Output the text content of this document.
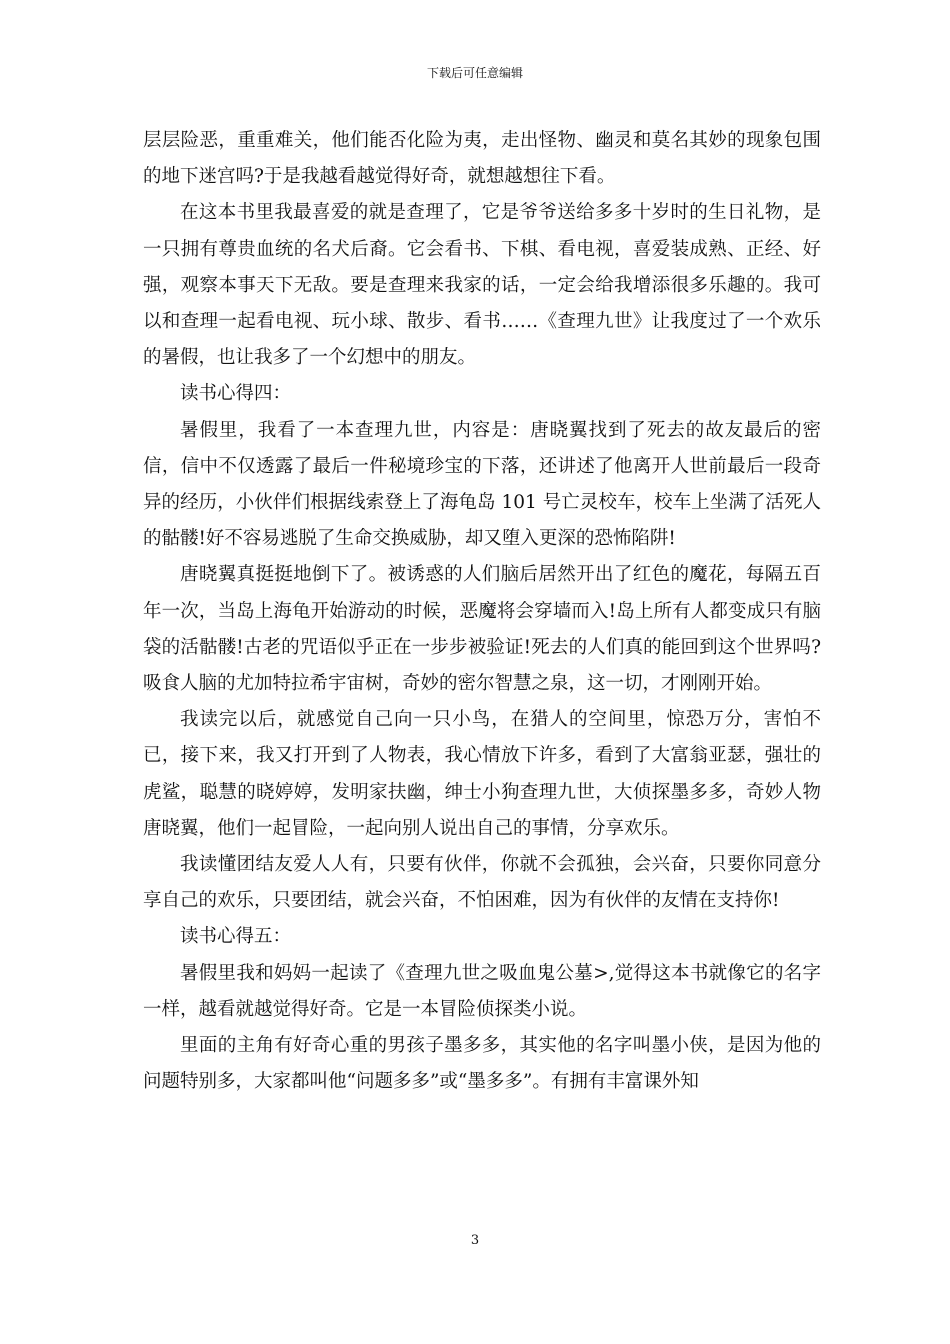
下载后可任意编辑

层层险恶，重重难关，他们能否化险为夷，走出怪物、幽灵和莫名其妙的现象包围的地下迷宫吗?于是我越看越觉得好奇，就想越想往下看。

在这本书里我最喜爱的就是查理了，它是爷爷送给多多十岁时的生日礼物，是一只拥有尊贵血统的名犬后裔。它会看书、下棋、看电视，喜爱装成熟、正经、好强，观察本事天下无敌。要是查理来我家的话，一定会给我增添很多乐趣的。我可以和查理一起看电视、玩小球、散步、看书……《查理九世》让我度过了一个欢乐的暑假，也让我多了一个幻想中的朋友。

读书心得四：

暑假里，我看了一本查理九世，内容是：唐晓翼找到了死去的故友最后的密信，信中不仅透露了最后一件秘境珍宝的下落，还讲述了他离开人世前最后一段奇异的经历，小伙伴们根据线索登上了海龟岛 101 号亡灵校车，校车上坐满了活死人的骷髅!好不容易逃脱了生命交换威胁，却又堕入更深的恐怖陷阱!

唐晓翼真挺挺地倒下了。被诱惑的人们脑后居然开出了红色的魔花，每隔五百年一次，当岛上海龟开始游动的时候，恶魔将会穿墙而入!岛上所有人都变成只有脑袋的活骷髅!古老的咒语似乎正在一步步被验证!死去的人们真的能回到这个世界吗?吸食人脑的尤加特拉希宇宙树，奇妙的密尔智慧之泉，这一切，才刚刚开始。

我读完以后，就感觉自己向一只小鸟，在猎人的空间里，惊恐万分，害怕不已，接下来，我又打开到了人物表，我心情放下许多，看到了大富翁亚瑟，强壮的虎鲨，聪慧的晓婷婷，发明家扶幽，绅士小狗查理九世，大侦探墨多多，奇妙人物唐晓翼，他们一起冒险，一起向别人说出自己的事情，分享欢乐。

我读懂团结友爱人人有，只要有伙伴，你就不会孤独，会兴奋，只要你同意分享自己的欢乐，只要团结，就会兴奋，不怕困难，因为有伙伴的友情在支持你!

读书心得五：

暑假里我和妈妈一起读了《查理九世之吸血鬼公墓>,觉得这本书就像它的名字一样，越看就越觉得好奇。它是一本冒险侦探类小说。

里面的主角有好奇心重的男孩子墨多多，其实他的名字叫墨小侠，是因为他的问题特别多，大家都叫他“问题多多”或“墨多多”。有拥有丰富课外知

3
